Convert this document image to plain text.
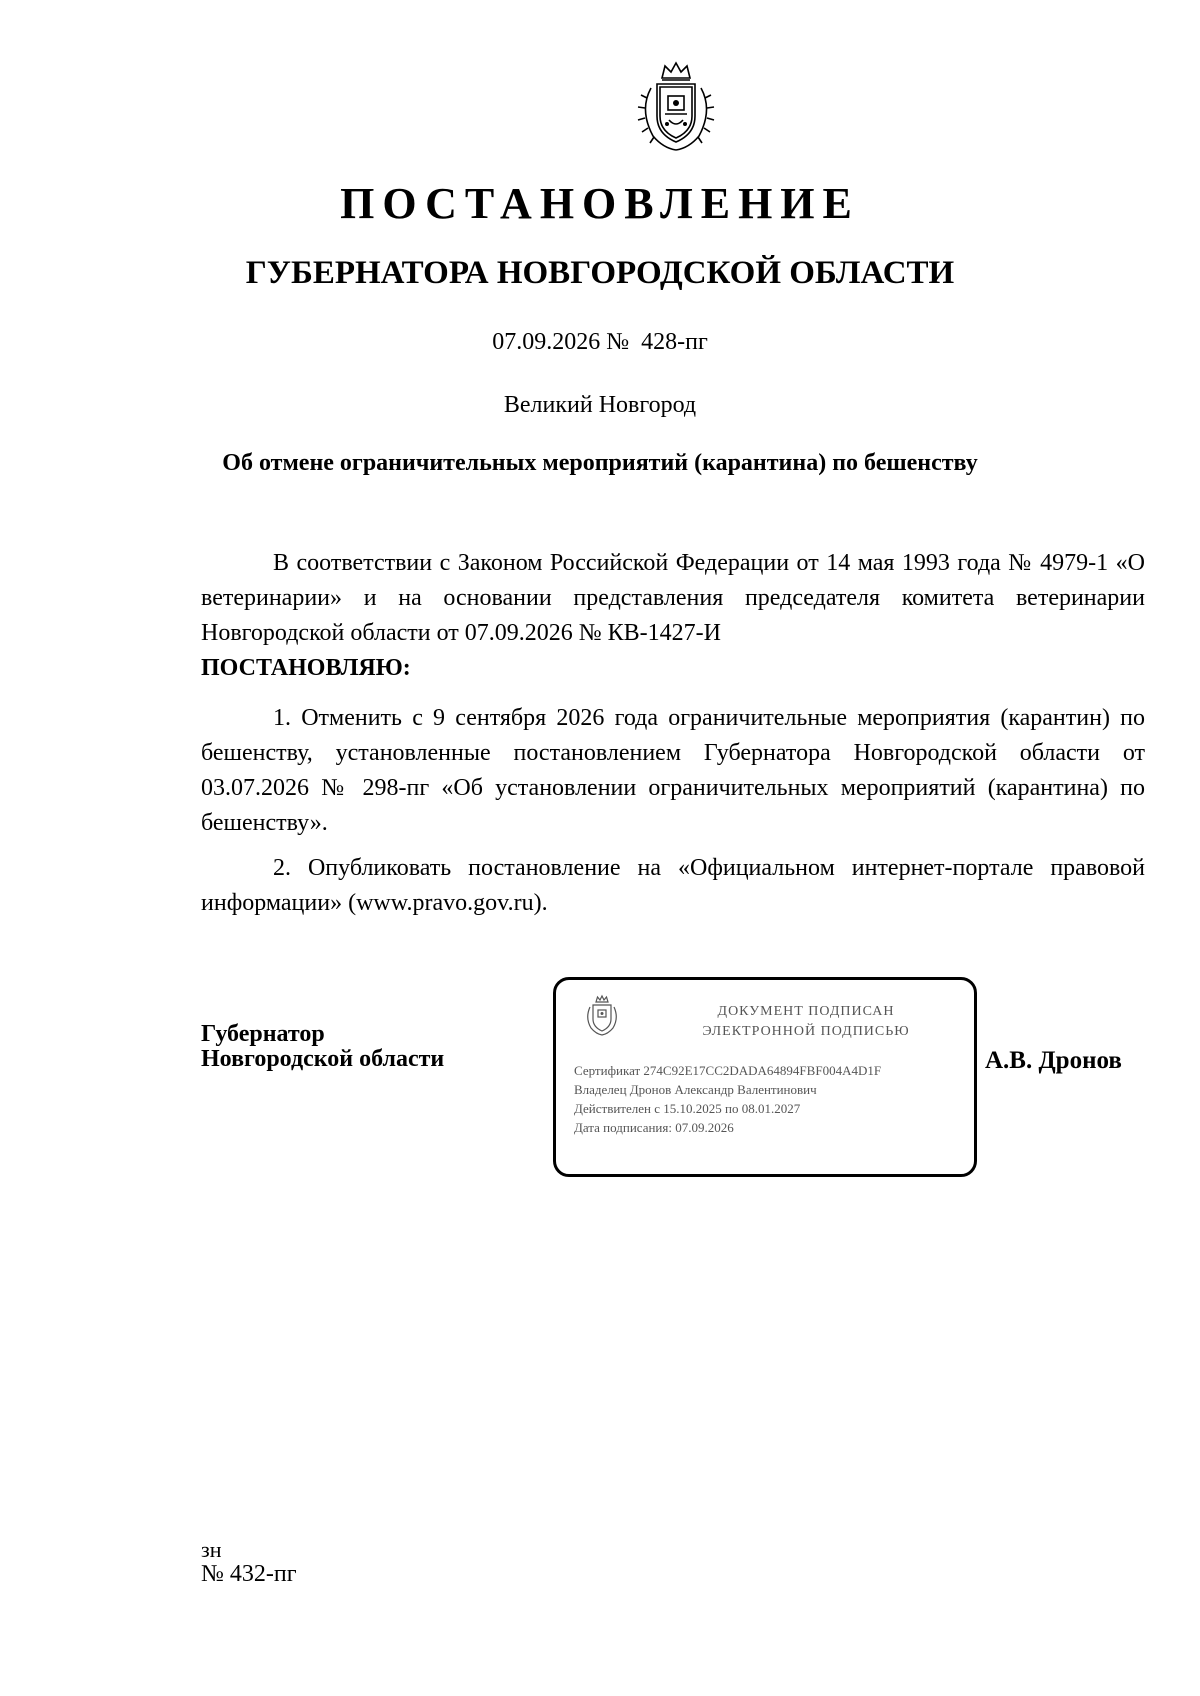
ПОСТАНОВЛЕНИЕ
ГУБЕРНАТОРА НОВГОРОДСКОЙ ОБЛАСТИ
07.09.2026 № 428-пг
Великий Новгород
Об отмене ограничительных мероприятий (карантина) по бешенству

В соответствии с Законом Российской Федерации от 14 мая 1993 года № 4979-1 «О ветеринарии» и на основании представления председателя комитета ветеринарии Новгородской области от 07.09.2026 № КВ-1427-И

ПОСТАНОВЛЯЮ:

1. Отменить с 9 сентября 2026 года ограничительные мероприятия (карантин) по бешенству, установленные постановлением Губернатора Новгородской области от 03.07.2026 № 298-пг «Об установлении ограничительных мероприятий (карантина) по бешенству».

2. Опубликовать постановление на «Официальном интернет-портале правовой информации» (www.pravo.gov.ru).

Губернатор
Новгородской области
ДОКУМЕНТ ПОДПИСАН
ЭЛЕКТРОННОЙ ПОДПИСЬЮ
Сертификат 274C92E17CC2DADA64894FBF004A4D1F
Владелец Дронов Александр Валентинович
Действителен с 15.10.2025 по 08.01.2027
Дата подписания: 07.09.2026
А.В. Дронов
зн
№ 432-пг
